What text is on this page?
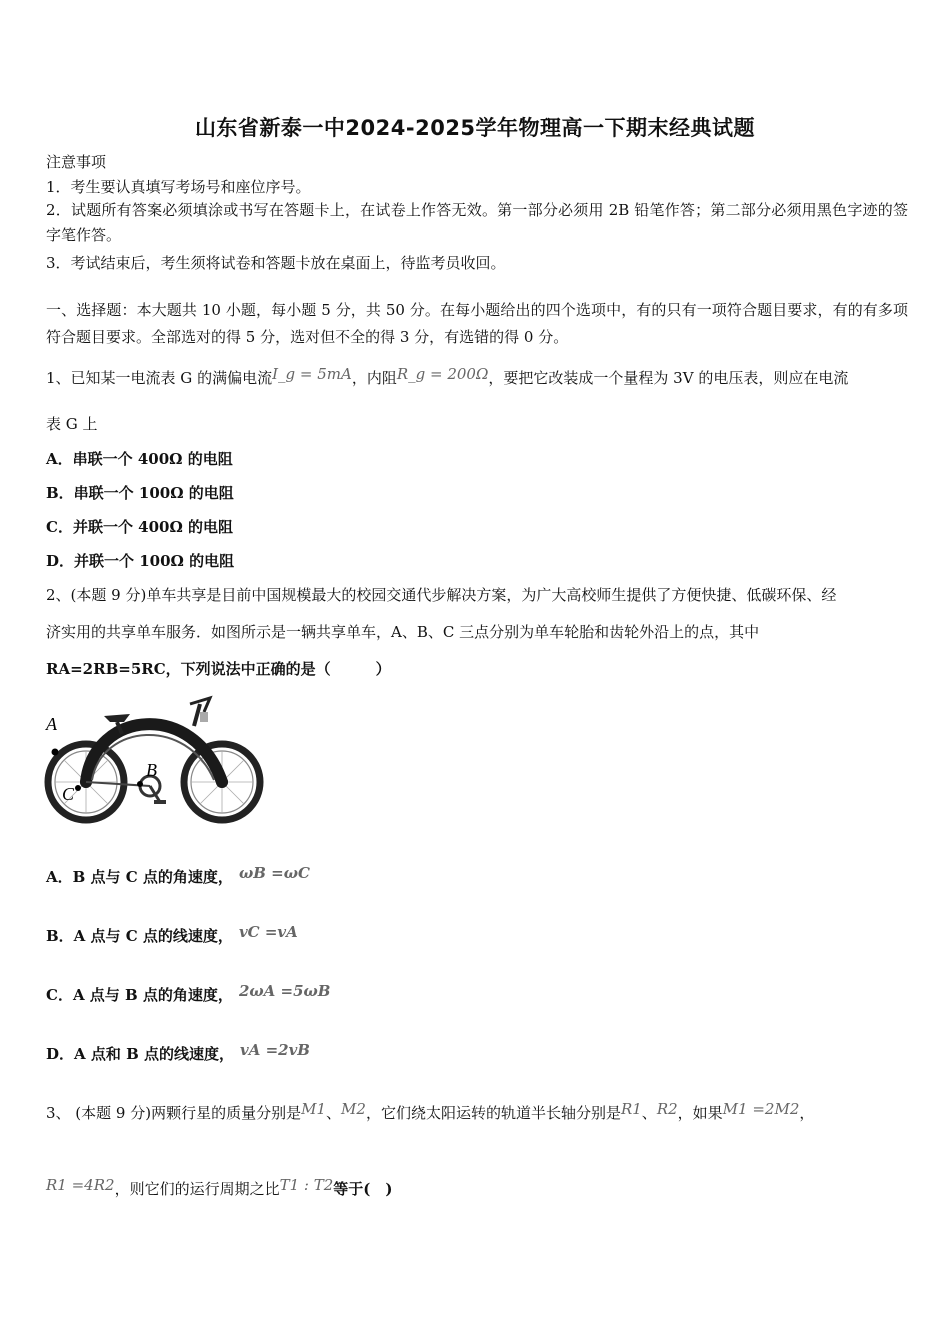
山东省新泰一中2024-2025学年物理高一下期末经典试题
注意事项
1．考生要认真填写考场号和座位序号。
2．试题所有答案必须填涂或书写在答题卡上，在试卷上作答无效。第一部分必须用 2B 铅笔作答；第二部分必须用黑色字迹的签字笔作答。
3．考试结束后，考生须将试卷和答题卡放在桌面上，待监考员收回。
一、选择题：本大题共 10 小题，每小题 5 分，共 50 分。在每小题给出的四个选项中，有的只有一项符合题目要求，有的有多项符合题目要求。全部选对的得 5 分，选对但不全的得 3 分，有选错的得 0 分。
1、已知某一电流表 G 的满偏电流I_g = 5mA，内阻R_g = 200Ω，要把它改装成一个量程为 3V 的电压表，则应在电流
表 G 上
A．串联一个 400Ω 的电阻
B．串联一个 100Ω 的电阻
C．并联一个 400Ω 的电阻
D．并联一个 100Ω 的电阻
2、(本题 9 分)单车共享是目前中国规模最大的校园交通代步解决方案，为广大高校师生提供了方便快捷、低碳环保、经
济实用的共享单车服务．如图所示是一辆共享单车，A、B、C 三点分别为单车轮胎和齿轮外沿上的点，其中
RA=2RB=5RC，下列说法中正确的是（　　　）
A
B
C
A．B 点与 C 点的角速度， ωB =ωC
B．A 点与 C 点的线速度， vC =vA
C．A 点与 B 点的角速度， 2ωA =5ωB
D．A 点和 B 点的线速度， vA =2vB
3、 (本题 9 分)两颗行星的质量分别是M1、M2，它们绕太阳运转的轨道半长轴分别是R1、R2，如果M1 =2M2，
R1 =4R2，则它们的运行周期之比T1 : T2等于(　)
